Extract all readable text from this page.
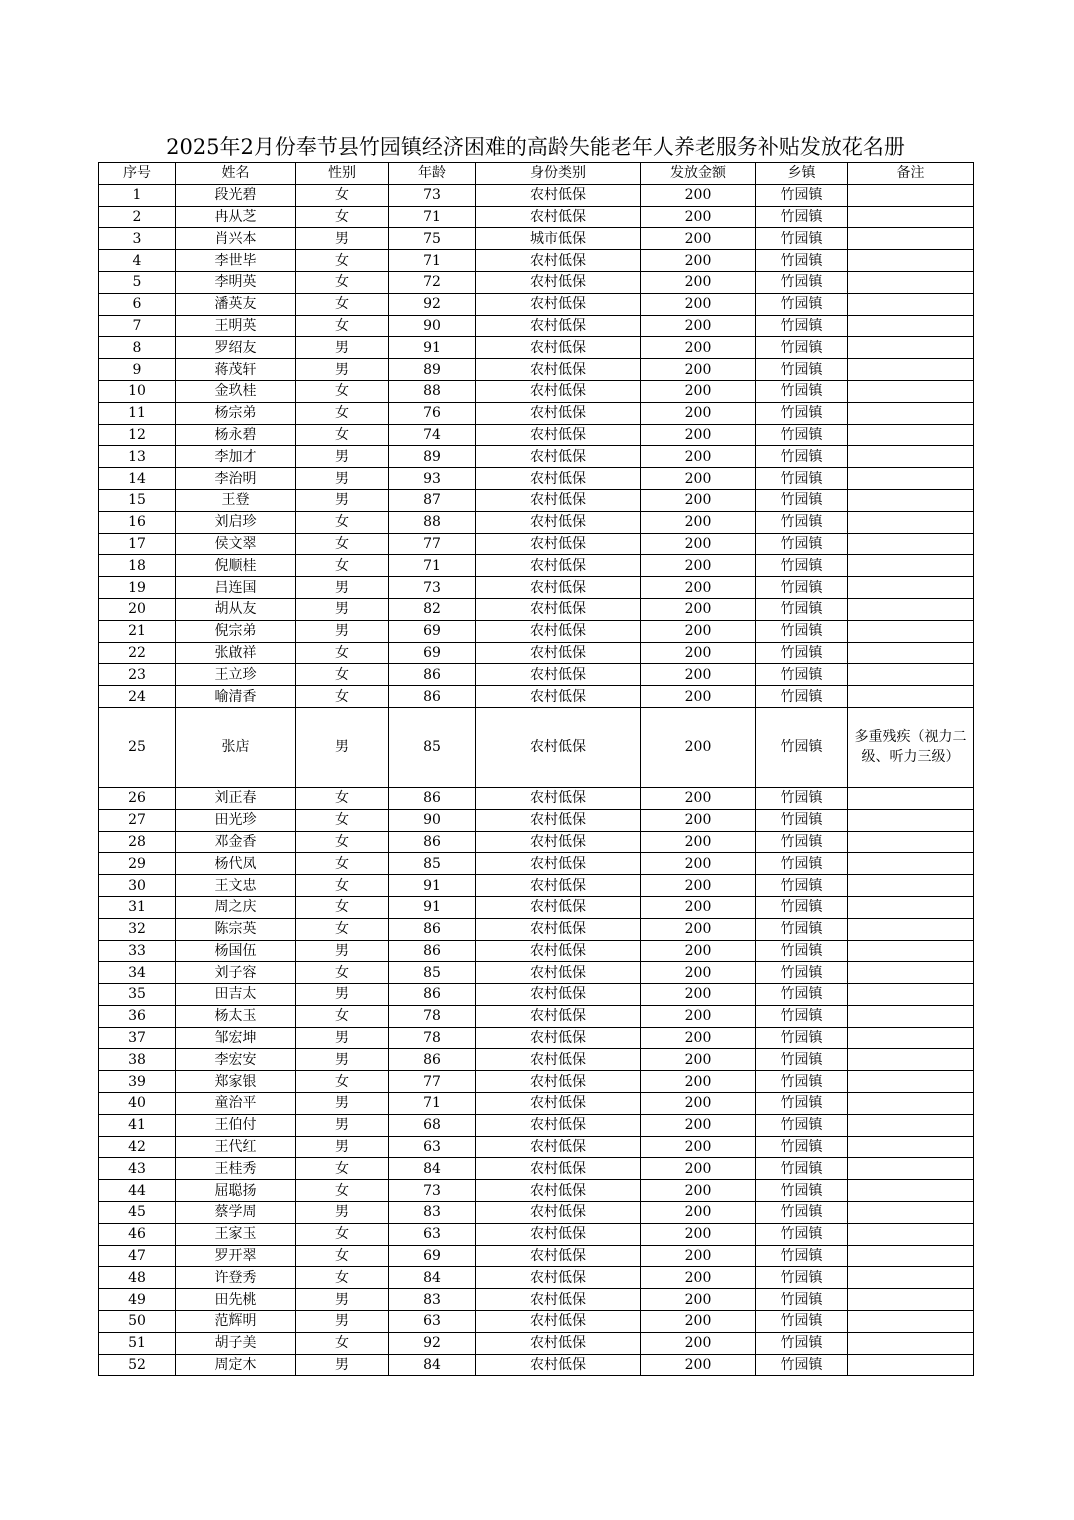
2025年2月份奉节县竹园镇经济困难的高龄失能老年人养老服务补贴发放花名册
序号	姓名	性别	年龄	身份类别	发放金额	乡镇	备注
1	段光碧	女	73	农村低保	200	竹园镇	
2	冉从芝	女	71	农村低保	200	竹园镇	
3	肖兴本	男	75	城市低保	200	竹园镇	
4	李世毕	女	71	农村低保	200	竹园镇	
5	李明英	女	72	农村低保	200	竹园镇	
6	潘英友	女	92	农村低保	200	竹园镇	
7	王明英	女	90	农村低保	200	竹园镇	
8	罗绍友	男	91	农村低保	200	竹园镇	
9	蒋茂轩	男	89	农村低保	200	竹园镇	
10	金玖桂	女	88	农村低保	200	竹园镇	
11	杨宗弟	女	76	农村低保	200	竹园镇	
12	杨永碧	女	74	农村低保	200	竹园镇	
13	李加才	男	89	农村低保	200	竹园镇	
14	李治明	男	93	农村低保	200	竹园镇	
15	王登	男	87	农村低保	200	竹园镇	
16	刘启珍	女	88	农村低保	200	竹园镇	
17	侯文翠	女	77	农村低保	200	竹园镇	
18	倪顺桂	女	71	农村低保	200	竹园镇	
19	吕连国	男	73	农村低保	200	竹园镇	
20	胡从友	男	82	农村低保	200	竹园镇	
21	倪宗弟	男	69	农村低保	200	竹园镇	
22	张啟祥	女	69	农村低保	200	竹园镇	
23	王立珍	女	86	农村低保	200	竹园镇	
24	喻清香	女	86	农村低保	200	竹园镇	
25	张店	男	85	农村低保	200	竹园镇	多重残疾（视力二级、听力三级）
26	刘正春	女	86	农村低保	200	竹园镇	
27	田光珍	女	90	农村低保	200	竹园镇	
28	邓金香	女	86	农村低保	200	竹园镇	
29	杨代凤	女	85	农村低保	200	竹园镇	
30	王文忠	女	91	农村低保	200	竹园镇	
31	周之庆	女	91	农村低保	200	竹园镇	
32	陈宗英	女	86	农村低保	200	竹园镇	
33	杨国伍	男	86	农村低保	200	竹园镇	
34	刘子容	女	85	农村低保	200	竹园镇	
35	田吉太	男	86	农村低保	200	竹园镇	
36	杨太玉	女	78	农村低保	200	竹园镇	
37	邹宏坤	男	78	农村低保	200	竹园镇	
38	李宏安	男	86	农村低保	200	竹园镇	
39	郑家银	女	77	农村低保	200	竹园镇	
40	童治平	男	71	农村低保	200	竹园镇	
41	王伯付	男	68	农村低保	200	竹园镇	
42	王代红	男	63	农村低保	200	竹园镇	
43	王桂秀	女	84	农村低保	200	竹园镇	
44	屈聪扬	女	73	农村低保	200	竹园镇	
45	蔡学周	男	83	农村低保	200	竹园镇	
46	王家玉	女	63	农村低保	200	竹园镇	
47	罗开翠	女	69	农村低保	200	竹园镇	
48	许登秀	女	84	农村低保	200	竹园镇	
49	田先桃	男	83	农村低保	200	竹园镇	
50	范辉明	男	63	农村低保	200	竹园镇	
51	胡子美	女	92	农村低保	200	竹园镇	
52	周定木	男	84	农村低保	200	竹园镇	
